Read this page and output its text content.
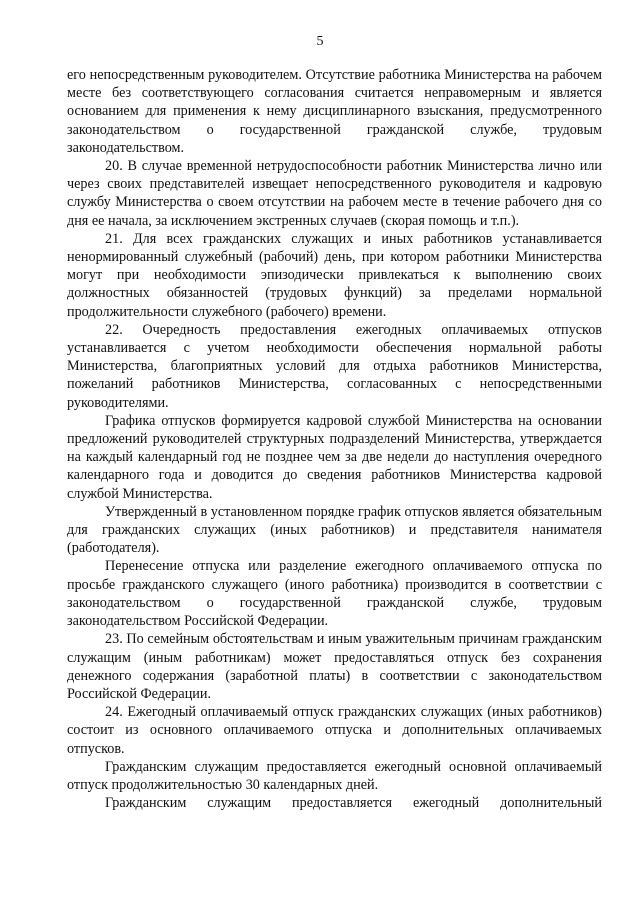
5

его непосредственным руководителем. Отсутствие работника Министерства на рабочем месте без соответствующего согласования считается неправомерным и является основанием для применения к нему дисциплинарного взыскания, предусмотренного законодательством о государственной гражданской службе, трудовым законодательством.

20. В случае временной нетрудоспособности работник Министерства лично или через своих представителей извещает непосредственного руководителя и кадровую службу Министерства о своем отсутствии на рабочем месте в течение рабочего дня со дня ее начала, за исключением экстренных случаев (скорая помощь и т.п.).

21. Для всех гражданских служащих и иных работников устанавливается ненормированный служебный (рабочий) день, при котором работники Министерства могут при необходимости эпизодически привлекаться к выполнению своих должностных обязанностей (трудовых функций) за пределами нормальной продолжительности служебного (рабочего) времени.

22. Очередность предоставления ежегодных оплачиваемых отпусков устанавливается с учетом необходимости обеспечения нормальной работы Министерства, благоприятных условий для отдыха работников Министерства, пожеланий работников Министерства, согласованных с непосредственными руководителями.

Графика отпусков формируется кадровой службой Министерства на основании предложений руководителей структурных подразделений Министерства, утверждается на каждый календарный год не позднее чем за две недели до наступления очередного календарного года и доводится до сведения работников Министерства кадровой службой Министерства.

Утвержденный в установленном порядке график отпусков является обязательным для гражданских служащих (иных работников) и представителя нанимателя (работодателя).

Перенесение отпуска или разделение ежегодного оплачиваемого отпуска по просьбе гражданского служащего (иного работника) производится в соответствии с законодательством о государственной гражданской службе, трудовым законодательством Российской Федерации.

23. По семейным обстоятельствам и иным уважительным причинам гражданским служащим (иным работникам) может предоставляться отпуск без сохранения денежного содержания (заработной платы) в соответствии с законодательством Российской Федерации.

24. Ежегодный оплачиваемый отпуск гражданских служащих (иных работников) состоит из основного оплачиваемого отпуска и дополнительных оплачиваемых отпусков.

Гражданским служащим предоставляется ежегодный основной оплачиваемый отпуск продолжительностью 30 календарных дней.

Гражданским служащим предоставляется ежегодный дополнительный
